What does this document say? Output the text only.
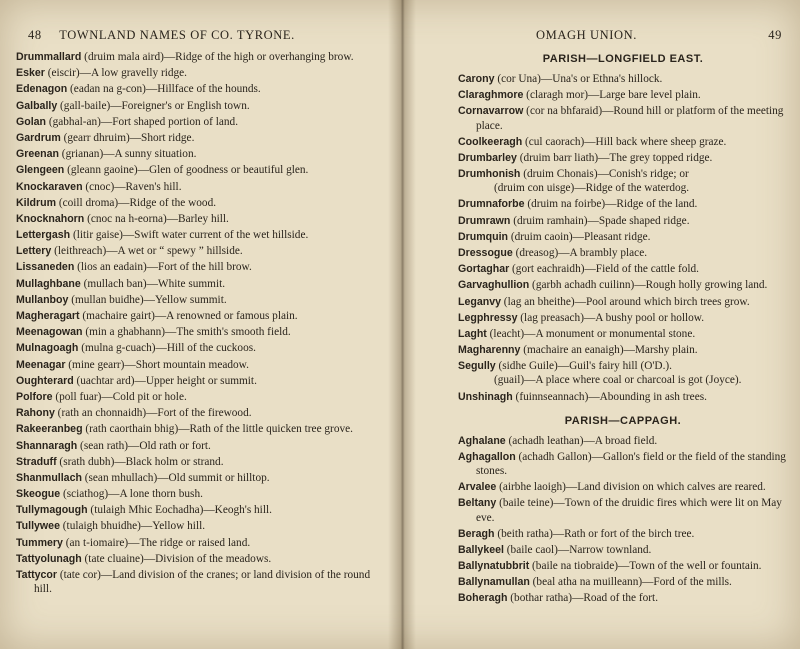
48 TOWNLAND NAMES OF CO. TYRONE.
Drummallard (druim mala aird)—Ridge of the high or overhanging brow.
Esker (eiscir)—A low gravelly ridge.
Edenagon (eadan na g-con)—Hillface of the hounds.
Galbally (gall-baile)—Foreigner's or English town.
Golan (gabhal-an)—Fort shaped portion of land.
Gardrum (gearr dhruim)—Short ridge.
Greenan (grianan)—A sunny situation.
Glengeen (gleann gaoine)—Glen of goodness or beautiful glen.
Knockaraven (cnoc)—Raven's hill.
Kildrum (coill droma)—Ridge of the wood.
Knocknahorn (cnoc na h-eorna)—Barley hill.
Lettergash (litir gaise)—Swift water current of the wet hillside.
Lettery (leithreach)—A wet or “ spewy ” hillside.
Lissaneden (lios an eadain)—Fort of the hill brow.
Mullaghbane (mullach ban)—White summit.
Mullanboy (mullan buidhe)—Yellow summit.
Magheragart (machaire gairt)—A renowned or famous plain.
Meenagowan (min a ghabhann)—The smith's smooth field.
Mulnagoagh (mulna g-cuach)—Hill of the cuckoos.
Meenagar (mine gearr)—Short mountain meadow.
Oughterard (uachtar ard)—Upper height or summit.
Polfore (poll fuar)—Cold pit or hole.
Rahony (rath an chonnaidh)—Fort of the firewood.
Rakeeranbeg (rath caorthain bhig)—Rath of the little quicken tree grove.
Shannaragh (sean rath)—Old rath or fort.
Straduff (srath dubh)—Black holm or strand.
Shanmullach (sean mhullach)—Old summit or hilltop.
Skeogue (sciathog)—A lone thorn bush.
Tullymagough (tulaigh Mhic Eochadha)—Keogh's hill.
Tullywee (tulaigh bhuidhe)—Yellow hill.
Tummery (an t-iomaire)—The ridge or raised land.
Tattyolunagh (tate cluaine)—Division of the meadows.
Tattycor (tate cor)—Land division of the cranes; or land division of the round hill.
OMAGH UNION.	49
PARISH—LONGFIELD EAST.
Carony (cor Una)—Una's or Ethna's hillock.
Claraghmore (claragh mor)—Large bare level plain.
Cornavarrow (cor na bhfaraid)—Round hill or platform of the meeting place.
Coolkeeragh (cul caorach)—Hill back where sheep graze.
Drumbarley (druim barr liath)—The grey topped ridge.
Drumhonish (druim Chonais)—Conish's ridge; or
(druim con uisge)—Ridge of the waterdog.
Drumnaforbe (druim na foirbe)—Ridge of the land.
Drumrawn (druim ramhain)—Spade shaped ridge.
Drumquin (druim caoin)—Pleasant ridge.
Dressogue (dreasog)—A brambly place.
Gortaghar (gort eachraidh)—Field of the cattle fold.
Garvaghullion (garbh achadh cuilinn)—Rough holly growing land.
Leganvy (lag an bheithe)—Pool around which birch trees grow.
Legphressy (lag preasach)—A bushy pool or hollow.
Laght (leacht)—A monument or monumental stone.
Magharenny (machaire an eanaigh)—Marshy plain.
Segully (sidhe Guile)—Guil's fairy hill (O'D.).
(guail)—A place where coal or charcoal is got (Joyce).
Unshinagh (fuinnseannach)—Abounding in ash trees.
PARISH—CAPPAGH.
Aghalane (achadh leathan)—A broad field.
Aghagallon (achadh Gallon)—Gallon's field or the field of the standing stones.
Arvalee (airbhe laoigh)—Land division on which calves are reared.
Beltany (baile teine)—Town of the druidic fires which were lit on May eve.
Beragh (beith ratha)—Rath or fort of the birch tree.
Ballykeel (baile caol)—Narrow townland.
Ballynatubbrit (baile na tiobraide)—Town of the well or fountain.
Ballynamullan (beal atha na muilleann)—Ford of the mills.
Boheragh (bothar ratha)—Road of the fort.
